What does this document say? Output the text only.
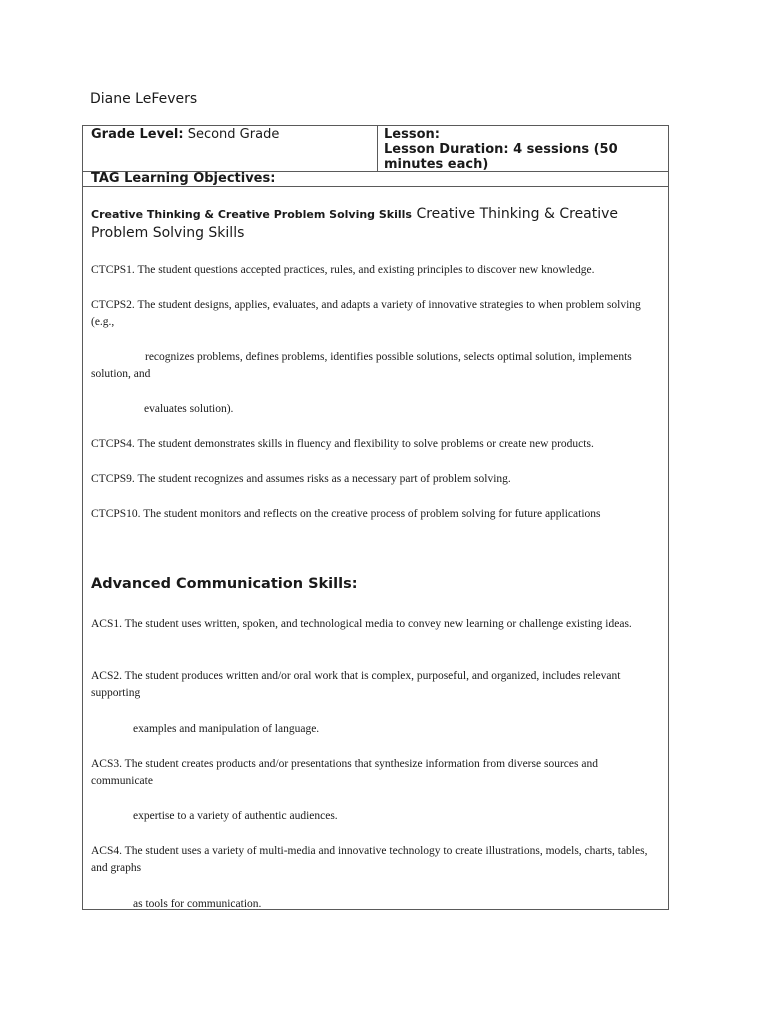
Diane LeFevers
Grade Level: Second Grade	Lesson:
Lesson Duration: 4 sessions (50 minutes each)
TAG Learning Objectives:
Creative Thinking & Creative Problem Solving Skills Creative Thinking & Creative Problem Solving Skills
CTCPS1. The student questions accepted practices, rules, and existing principles to discover new knowledge.
CTCPS2. The student designs, applies, evaluates, and adapts a variety of innovative strategies to when problem solving (e.g.,
recognizes problems, defines problems, identifies possible solutions, selects optimal solution, implements solution, and
evaluates solution).
CTCPS4. The student demonstrates skills in fluency and flexibility to solve problems or create new products.
CTCPS9. The student recognizes and assumes risks as a necessary part of problem solving.
CTCPS10. The student monitors and reflects on the creative process of problem solving for future applications
Advanced Communication Skills:
ACS1. The student uses written, spoken, and technological media to convey new learning or challenge existing ideas.
ACS2. The student produces written and/or oral work that is complex, purposeful, and organized, includes relevant supporting
examples and manipulation of language.
ACS3. The student creates products and/or presentations that synthesize information from diverse sources and communicate
expertise to a variety of authentic audiences.
ACS4. The student uses a variety of multi-media and innovative technology to create illustrations, models, charts, tables, and graphs
as tools for communication.
